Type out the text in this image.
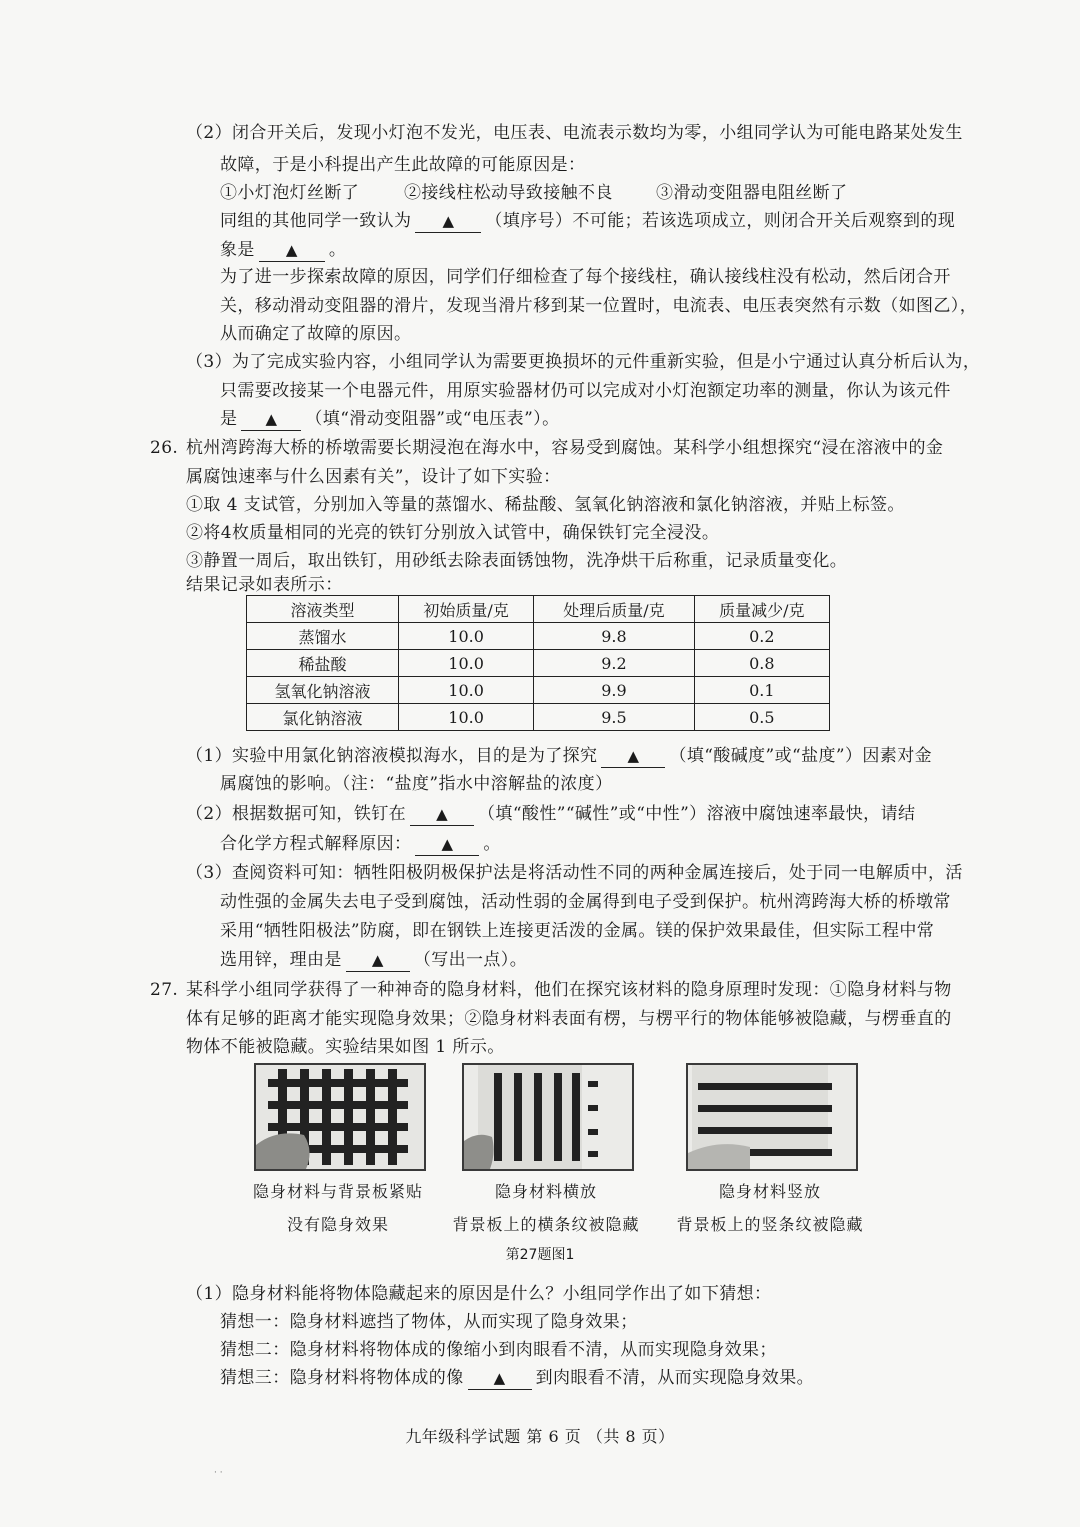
（2）闭合开关后，发现小灯泡不发光，电压表、电流表示数均为零，小组同学认为可能电路某处发生
故障，于是小科提出产生此故障的可能原因是：
①小灯泡灯丝断了	②接线柱松动导致接触不良	③滑动变阻器电阻丝断了
同组的其他同学一致认为 ▲ （填序号）不可能；若该选项成立，则闭合开关后观察到的现
象是 ▲ 。
为了进一步探索故障的原因，同学们仔细检查了每个接线柱，确认接线柱没有松动，然后闭合开
关，移动滑动变阻器的滑片，发现当滑片移到某一位置时，电流表、电压表突然有示数（如图乙），
从而确定了故障的原因。
（3）为了完成实验内容，小组同学认为需要更换损坏的元件重新实验，但是小宁通过认真分析后认为，
只需要改接某一个电器元件，用原实验器材仍可以完成对小灯泡额定功率的测量，你认为该元件
是 ▲ （填“滑动变阻器”或“电压表”）。
26. 杭州湾跨海大桥的桥墩需要长期浸泡在海水中，容易受到腐蚀。某科学小组想探究“浸在溶液中的金
属腐蚀速率与什么因素有关”，设计了如下实验：
①取 4 支试管，分别加入等量的蒸馏水、稀盐酸、氢氧化钠溶液和氯化钠溶液，并贴上标签。
②将4枚质量相同的光亮的铁钉分别放入试管中，确保铁钉完全浸没。
③静置一周后，取出铁钉，用砂纸去除表面锈蚀物，洗净烘干后称重，记录质量变化。
结果记录如表所示：
溶液类型	初始质量/克	处理后质量/克	质量减少/克
蒸馏水	10.0	9.8	0.2
稀盐酸	10.0	9.2	0.8
氢氧化钠溶液	10.0	9.9	0.1
氯化钠溶液	10.0	9.5	0.5
（1）实验中用氯化钠溶液模拟海水，目的是为了探究 ▲ （填“酸碱度”或“盐度”）因素对金
属腐蚀的影响。（注：“盐度”指水中溶解盐的浓度）
（2）根据数据可知，铁钉在 ▲ （填“酸性”“碱性”或“中性”）溶液中腐蚀速率最快，请结
合化学方程式解释原因： ▲ 。
（3）查阅资料可知：牺牲阳极阴极保护法是将活动性不同的两种金属连接后，处于同一电解质中，活
动性强的金属失去电子受到腐蚀，活动性弱的金属得到电子受到保护。杭州湾跨海大桥的桥墩常
采用“牺牲阳极法”防腐，即在钢铁上连接更活泼的金属。镁的保护效果最佳，但实际工程中常
选用锌，理由是 ▲ （写出一点）。
27. 某科学小组同学获得了一种神奇的隐身材料，他们在探究该材料的隐身原理时发现：①隐身材料与物
体有足够的距离才能实现隐身效果；②隐身材料表面有楞，与楞平行的物体能够被隐藏，与楞垂直的
物体不能被隐藏。实验结果如图 1 所示。
隐身材料与背景板紧贴
没有隐身效果
隐身材料横放
背景板上的横条纹被隐藏
隐身材料竖放
背景板上的竖条纹被隐藏
第27题图1
（1）隐身材料能将物体隐藏起来的原因是什么？小组同学作出了如下猜想：
猜想一：隐身材料遮挡了物体，从而实现了隐身效果；
猜想二：隐身材料将物体成的像缩小到肉眼看不清，从而实现隐身效果；
猜想三：隐身材料将物体成的像 ▲ 到肉眼看不清，从而实现隐身效果。
九年级科学试题 第 6 页 （共 8 页）
· ·
